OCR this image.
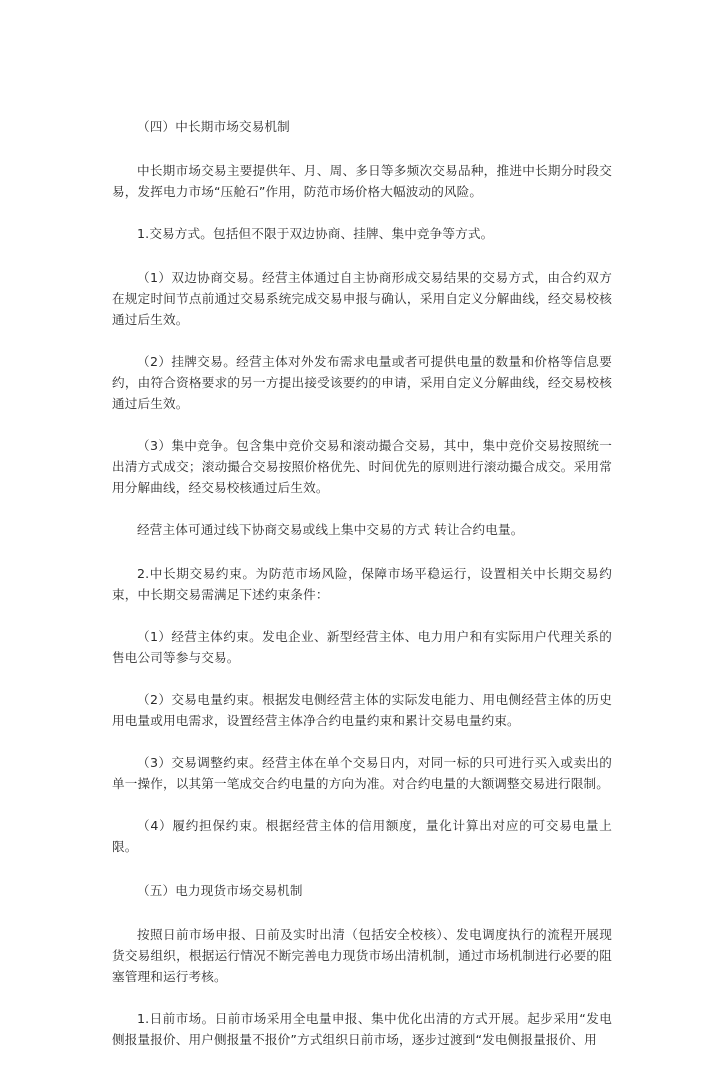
（四）中长期市场交易机制

中长期市场交易主要提供年、月、周、多日等多频次交易品种，推进中长期分时段交易，发挥电力市场“压舱石”作用，防范市场价格大幅波动的风险。

1.交易方式。包括但不限于双边协商、挂牌、集中竞争等方式。

（1）双边协商交易。经营主体通过自主协商形成交易结果的交易方式，由合约双方在规定时间节点前通过交易系统完成交易申报与确认，采用自定义分解曲线，经交易校核通过后生效。

（2）挂牌交易。经营主体对外发布需求电量或者可提供电量的数量和价格等信息要约，由符合资格要求的另一方提出接受该要约的申请，采用自定义分解曲线，经交易校核通过后生效。

（3）集中竞争。包含集中竞价交易和滚动撮合交易，其中，集中竞价交易按照统一出清方式成交；滚动撮合交易按照价格优先、时间优先的原则进行滚动撮合成交。采用常用分解曲线，经交易校核通过后生效。

经营主体可通过线下协商交易或线上集中交易的方式 转让合约电量。

2.中长期交易约束。为防范市场风险，保障市场平稳运行，设置相关中长期交易约束，中长期交易需满足下述约束条件：

（1）经营主体约束。发电企业、新型经营主体、电力用户和有实际用户代理关系的售电公司等参与交易。

（2）交易电量约束。根据发电侧经营主体的实际发电能力、用电侧经营主体的历史用电量或用电需求，设置经营主体净合约电量约束和累计交易电量约束。

（3）交易调整约束。经营主体在单个交易日内，对同一标的只可进行买入或卖出的单一操作，以其第一笔成交合约电量的方向为准。对合约电量的大额调整交易进行限制。

（4）履约担保约束。根据经营主体的信用额度，量化计算出对应的可交易电量上限。

（五）电力现货市场交易机制

按照日前市场申报、日前及实时出清（包括安全校核）、发电调度执行的流程开展现货交易组织，根据运行情况不断完善电力现货市场出清机制，通过市场机制进行必要的阻塞管理和运行考核。

1.日前市场。日前市场采用全电量申报、集中优化出清的方式开展。起步采用“发电侧报量报价、用户侧报量不报价”方式组织日前市场，逐步过渡到“发电侧报量报价、用
